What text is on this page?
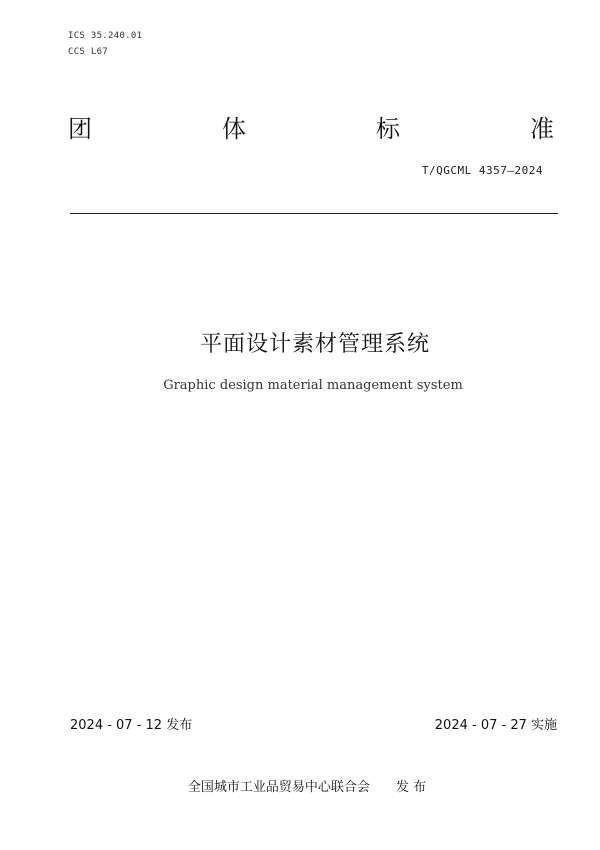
ICS 35.240.01
CCS L67
团	体	标	准
T/QGCML 4357—2024
平面设计素材管理系统
Graphic design material management system
2024 - 07 - 12 发布	2024 - 07 - 27 实施
全国城市工业品贸易中心联合会 发 布
